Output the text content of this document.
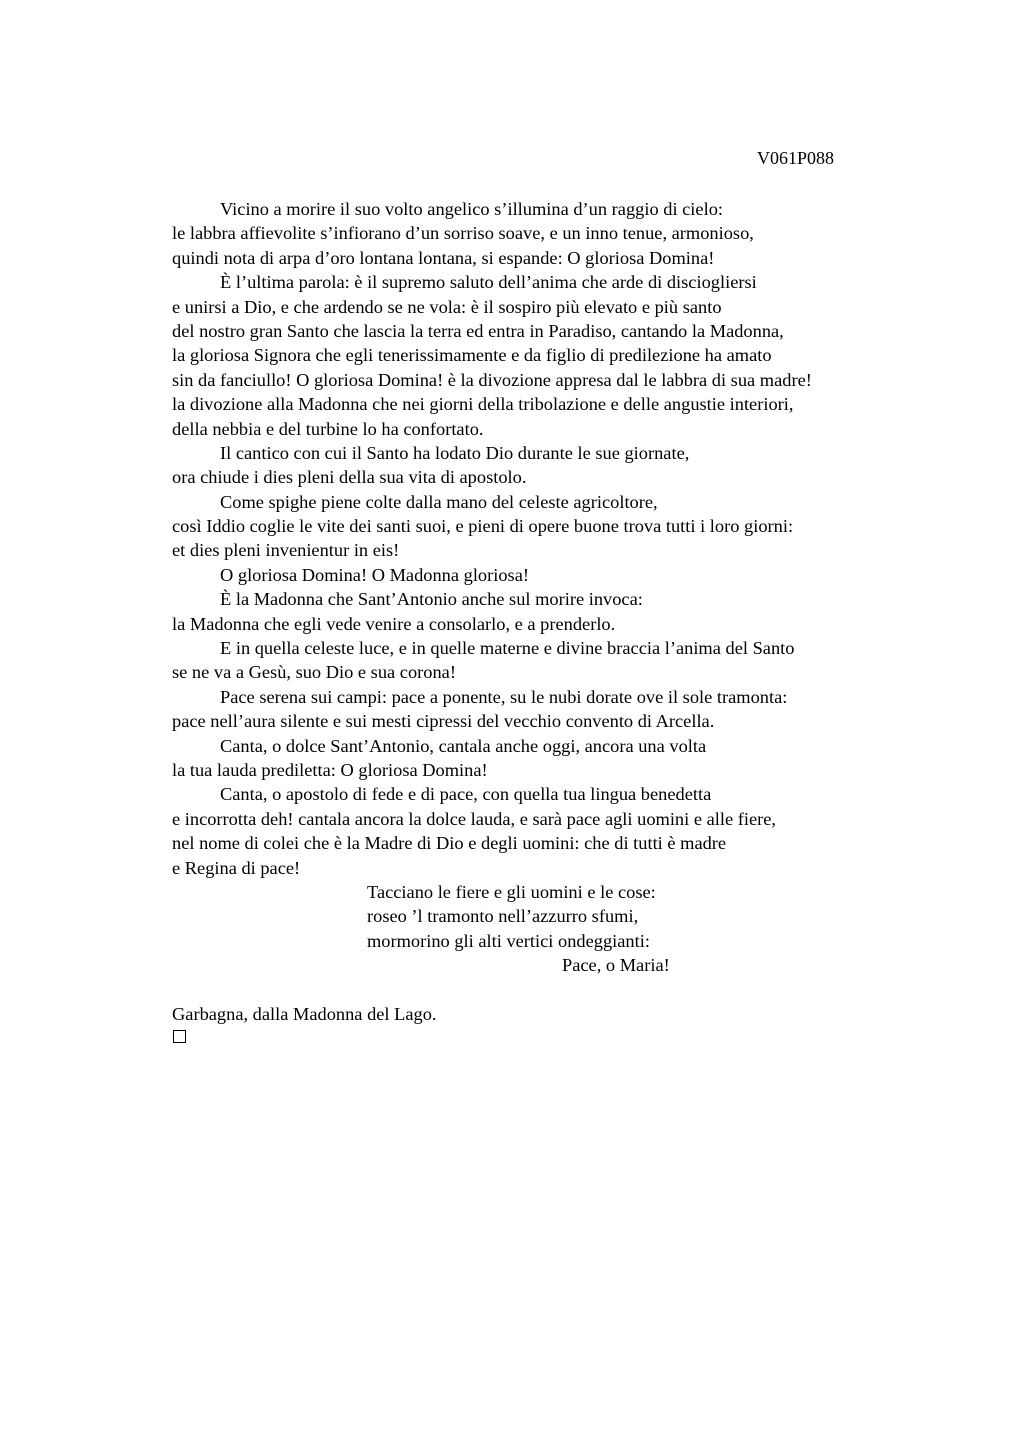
V061P088
Vicino a morire il suo volto angelico s’illumina d’un raggio di cielo:
le labbra affievolite s’infiorano d’un sorriso soave, e un inno tenue, armonioso,
quindi nota di arpa d’oro lontana lontana, si espande: O gloriosa Domina!
È l’ultima parola: è il supremo saluto dell’anima che arde di disciogliersi
e unirsi a Dio, e che ardendo se ne vola: è il sospiro più elevato e più santo
del nostro gran Santo che lascia la terra ed entra in Paradiso, cantando la Madonna,
la gloriosa Signora che egli tenerissimamente e da figlio di predilezione ha amato
sin da fanciullo! O gloriosa Domina! è la divozione appresa dal le labbra di sua madre!
la divozione alla Madonna che nei giorni della tribolazione e delle angustie interiori,
della nebbia e del turbine lo ha confortato.
Il cantico con cui il Santo ha lodato Dio durante le sue giornate,
ora chiude i dies pleni della sua vita di apostolo.
Come spighe piene colte dalla mano del celeste agricoltore,
così Iddio coglie le vite dei santi suoi, e pieni di opere buone trova tutti i loro giorni:
et dies pleni invenientur in eis!
O gloriosa Domina! O Madonna gloriosa!
È la Madonna che Sant’Antonio anche sul morire invoca:
la Madonna che egli vede venire a consolarlo, e a prenderlo.
E in quella celeste luce, e in quelle materne e divine braccia l’anima del Santo
se ne va a Gesù, suo Dio e sua corona!
Pace serena sui campi: pace a ponente, su le nubi dorate ove il sole tramonta:
pace nell’aura silente e sui mesti cipressi del vecchio convento di Arcella.
Canta, o dolce Sant’Antonio, cantala anche oggi, ancora una volta
la tua lauda prediletta: O gloriosa Domina!
Canta, o apostolo di fede e di pace, con quella tua lingua benedetta
e incorrotta deh! cantala ancora la dolce lauda, e sarà pace agli uomini e alle fiere,
nel nome di colei che è la Madre di Dio e degli uomini: che di tutti è madre
e Regina di pace!
Tacciano le fiere e gli uomini e le cose:
roseo ’l tramonto nell’azzurro sfumi,
mormorino gli alti vertici ondeggianti:
Pace, o Maria!
Garbagna, dalla Madonna del Lago.
